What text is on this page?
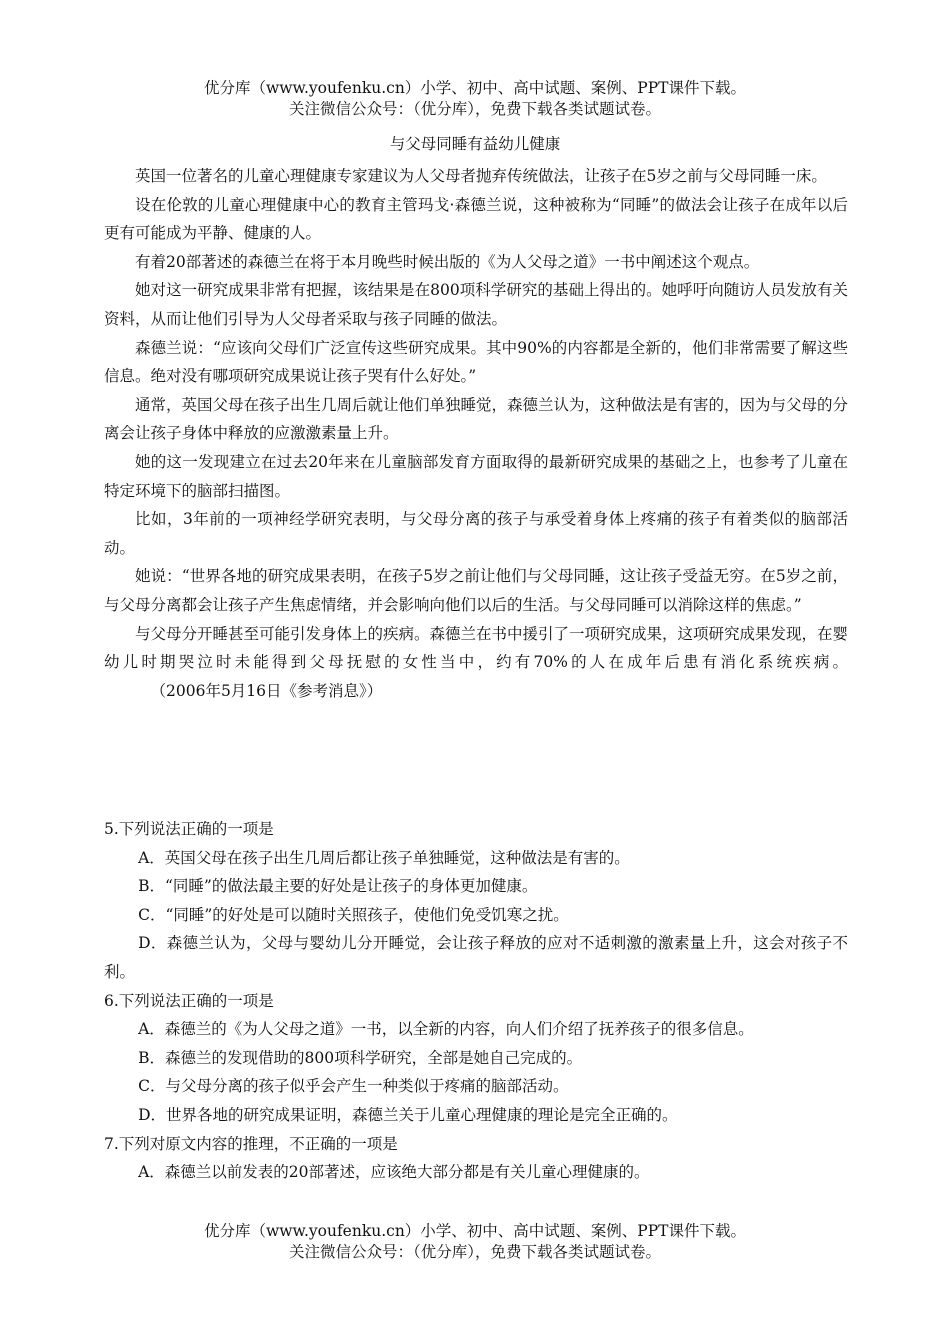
优分库（www.youfenku.cn）小学、初中、高中试题、案例、PPT课件下载。
关注微信公众号：（优分库），免费下载各类试题试卷。
与父母同睡有益幼儿健康

英国一位著名的儿童心理健康专家建议为人父母者抛弃传统做法，让孩子在5岁之前与父母同睡一床。

设在伦敦的儿童心理健康中心的教育主管玛戈·森德兰说，这种被称为“同睡”的做法会让孩子在成年以后更有可能成为平静、健康的人。

有着20部著述的森德兰在将于本月晚些时候出版的《为人父母之道》一书中阐述这个观点。

她对这一研究成果非常有把握，该结果是在800项科学研究的基础上得出的。她呼吁向随访人员发放有关资料，从而让他们引导为人父母者采取与孩子同睡的做法。

森德兰说：“应该向父母们广泛宣传这些研究成果。其中90%的内容都是全新的，他们非常需要了解这些信息。绝对没有哪项研究成果说让孩子哭有什么好处。”

通常，英国父母在孩子出生几周后就让他们单独睡觉，森德兰认为，这种做法是有害的，因为与父母的分离会让孩子身体中释放的应激激素量上升。

她的这一发现建立在过去20年来在儿童脑部发育方面取得的最新研究成果的基础之上，也参考了儿童在特定环境下的脑部扫描图。

比如，3年前的一项神经学研究表明，与父母分离的孩子与承受着身体上疼痛的孩子有着类似的脑部活动。

她说：“世界各地的研究成果表明，在孩子5岁之前让他们与父母同睡，这让孩子受益无穷。在5岁之前，与父母分离都会让孩子产生焦虑情绪，并会影响向他们以后的生活。与父母同睡可以消除这样的焦虑。”

与父母分开睡甚至可能引发身体上的疾病。森德兰在书中援引了一项研究成果，这项研究成果发现，在婴幼儿时期哭泣时未能得到父母抚慰的女性当中，约有70%的人在成年后患有消化系统疾病。（2006年5月16日《参考消息》）

5.下列说法正确的一项是

A．英国父母在孩子出生几周后都让孩子单独睡觉，这种做法是有害的。

B．“同睡”的做法最主要的好处是让孩子的身体更加健康。

C．“同睡”的好处是可以随时关照孩子，使他们免受饥寒之扰。

D．森德兰认为，父母与婴幼儿分开睡觉，会让孩子释放的应对不适刺激的激素量上升，这会对孩子不利。

6.下列说法正确的一项是

A．森德兰的《为人父母之道》一书，以全新的内容，向人们介绍了抚养孩子的很多信息。

B．森德兰的发现借助的800项科学研究，全部是她自己完成的。

C．与父母分离的孩子似乎会产生一种类似于疼痛的脑部活动。

D．世界各地的研究成果证明，森德兰关于儿童心理健康的理论是完全正确的。

7.下列对原文内容的推理，不正确的一项是

A．森德兰以前发表的20部著述，应该绝大部分都是有关儿童心理健康的。

优分库（www.youfenku.cn）小学、初中、高中试题、案例、PPT课件下载。
关注微信公众号：（优分库），免费下载各类试题试卷。
